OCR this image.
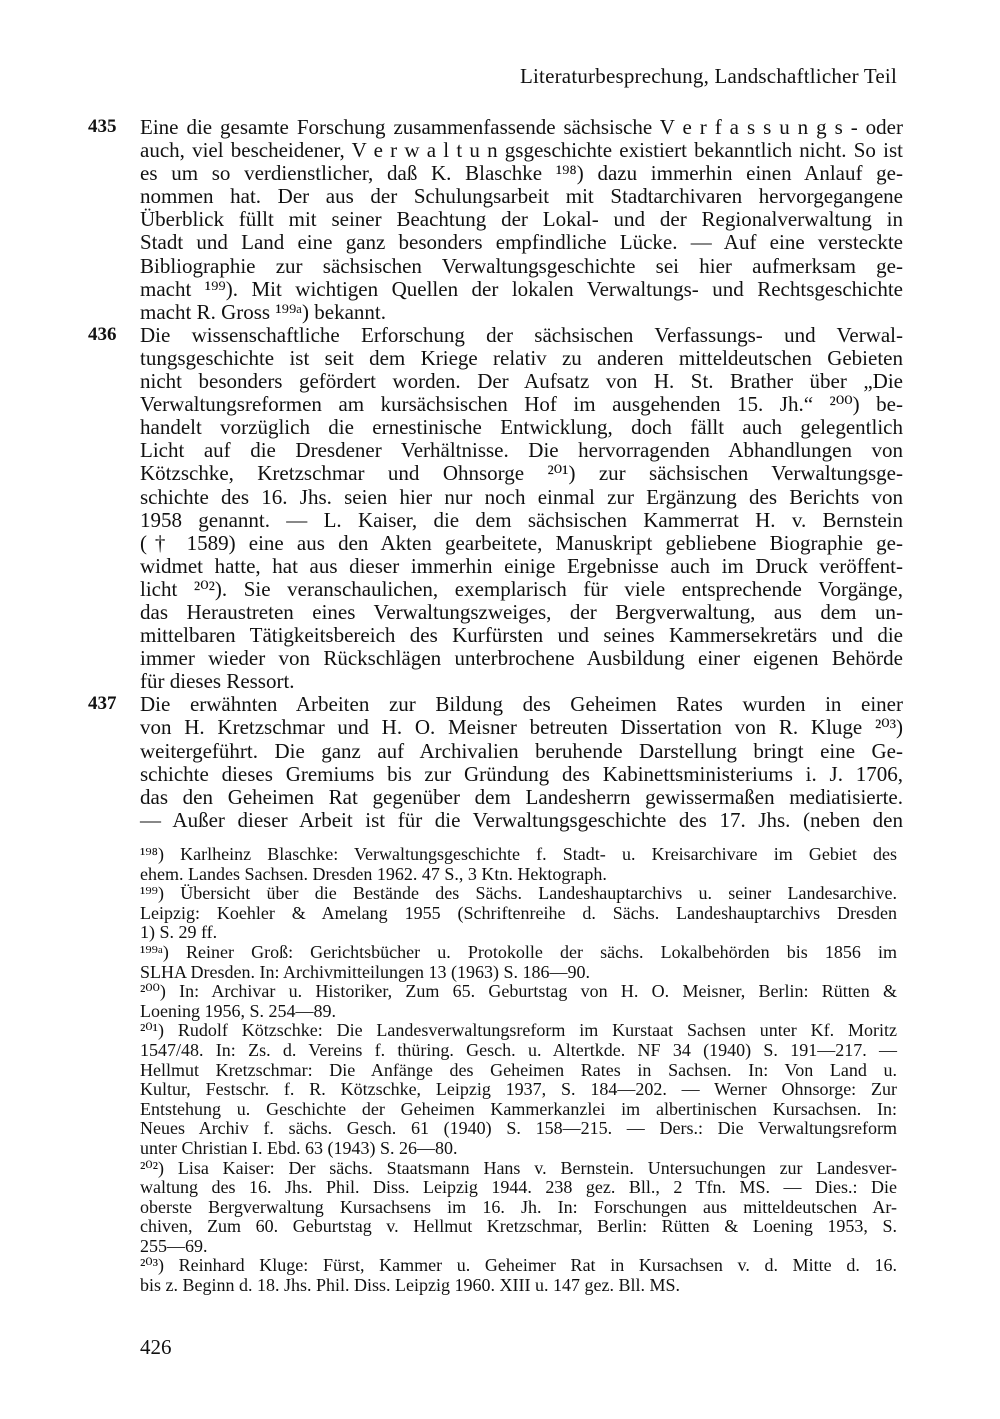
Literaturbesprechung, Landschaftlicher Teil
435 Eine die gesamte Forschung zusammenfassende sächsische V e r f a s s u n g s - oder
auch, viel bescheidener, V e r w a l t u n gsgeschichte existiert bekanntlich nicht. So ist
es um so verdienstlicher, daß K. Blaschke ¹⁹⁸) dazu immerhin einen Anlauf ge-
nommen hat. Der aus der Schulungsarbeit mit Stadtarchivaren hervorgegangene
Überblick füllt mit seiner Beachtung der Lokal- und der Regionalverwaltung in
Stadt und Land eine ganz besonders empfindliche Lücke. — Auf eine versteckte
Bibliographie zur sächsischen Verwaltungsgeschichte sei hier aufmerksam ge-
macht ¹⁹⁹). Mit wichtigen Quellen der lokalen Verwaltungs- und Rechtsgeschichte
macht R. Gross ¹⁹⁹ᵃ) bekannt.
436 Die wissenschaftliche Erforschung der sächsischen Verfassungs- und Verwal-
tungsgeschichte ist seit dem Kriege relativ zu anderen mitteldeutschen Gebieten
nicht besonders gefördert worden. Der Aufsatz von H. St. Brather über „Die
Verwaltungsreformen am kursächsischen Hof im ausgehenden 15. Jh.“ ²⁰⁰) be-
handelt vorzüglich die ernestinische Entwicklung, doch fällt auch gelegentlich
Licht auf die Dresdener Verhältnisse. Die hervorragenden Abhandlungen von
Kötzschke, Kretzschmar und Ohnsorge ²⁰¹) zur sächsischen Verwaltungsge-
schichte des 16. Jhs. seien hier nur noch einmal zur Ergänzung des Berichts von
1958 genannt. — L. Kaiser, die dem sächsischen Kammerrat H. v. Bernstein
(† 1589) eine aus den Akten gearbeitete, Manuskript gebliebene Biographie ge-
widmet hatte, hat aus dieser immerhin einige Ergebnisse auch im Druck veröffent-
licht ²⁰²). Sie veranschaulichen, exemplarisch für viele entsprechende Vorgänge,
das Heraustreten eines Verwaltungszweiges, der Bergverwaltung, aus dem un-
mittelbaren Tätigkeitsbereich des Kurfürsten und seines Kammersekretärs und die
immer wieder von Rückschlägen unterbrochene Ausbildung einer eigenen Behörde
für dieses Ressort.
437 Die erwähnten Arbeiten zur Bildung des Geheimen Rates wurden in einer
von H. Kretzschmar und H. O. Meisner betreuten Dissertation von R. Kluge ²⁰³)
weitergeführt. Die ganz auf Archivalien beruhende Darstellung bringt eine Ge-
schichte dieses Gremiums bis zur Gründung des Kabinettsministeriums i. J. 1706,
das den Geheimen Rat gegenüber dem Landesherrn gewissermaßen mediatisierte.
— Außer dieser Arbeit ist für die Verwaltungsgeschichte des 17. Jhs. (neben den
¹⁹⁸) Karlheinz Blaschke: Verwaltungsgeschichte f. Stadt- u. Kreisarchivare im Gebiet des
ehem. Landes Sachsen. Dresden 1962. 47 S., 3 Ktn. Hektograph.
¹⁹⁹) Übersicht über die Bestände des Sächs. Landeshauptarchivs u. seiner Landesarchive.
Leipzig: Koehler & Amelang 1955 (Schriftenreihe d. Sächs. Landeshauptarchivs Dresden
1) S. 29 ff.
¹⁹⁹ᵃ) Reiner Groß: Gerichtsbücher u. Protokolle der sächs. Lokalbehörden bis 1856 im
SLHA Dresden. In: Archivmitteilungen 13 (1963) S. 186—90.
²⁰⁰) In: Archivar u. Historiker, Zum 65. Geburtstag von H. O. Meisner, Berlin: Rütten &
Loening 1956, S. 254—89.
²⁰¹) Rudolf Kötzschke: Die Landesverwaltungsreform im Kurstaat Sachsen unter Kf. Moritz
1547/48. In: Zs. d. Vereins f. thüring. Gesch. u. Altertkde. NF 34 (1940) S. 191—217. —
Hellmut Kretzschmar: Die Anfänge des Geheimen Rates in Sachsen. In: Von Land u.
Kultur, Festschr. f. R. Kötzschke, Leipzig 1937, S. 184—202. — Werner Ohnsorge: Zur
Entstehung u. Geschichte der Geheimen Kammerkanzlei im albertinischen Kursachsen. In:
Neues Archiv f. sächs. Gesch. 61 (1940) S. 158—215. — Ders.: Die Verwaltungsreform
unter Christian I. Ebd. 63 (1943) S. 26—80.
²⁰²) Lisa Kaiser: Der sächs. Staatsmann Hans v. Bernstein. Untersuchungen zur Landesver-
waltung des 16. Jhs. Phil. Diss. Leipzig 1944. 238 gez. Bll., 2 Tfn. MS. — Dies.: Die
oberste Bergverwaltung Kursachsens im 16. Jh. In: Forschungen aus mitteldeutschen Ar-
chiven, Zum 60. Geburtstag v. Hellmut Kretzschmar, Berlin: Rütten & Loening 1953, S.
255—69.
²⁰³) Reinhard Kluge: Fürst, Kammer u. Geheimer Rat in Kursachsen v. d. Mitte d. 16.
bis z. Beginn d. 18. Jhs. Phil. Diss. Leipzig 1960. XIII u. 147 gez. Bll. MS.
426
